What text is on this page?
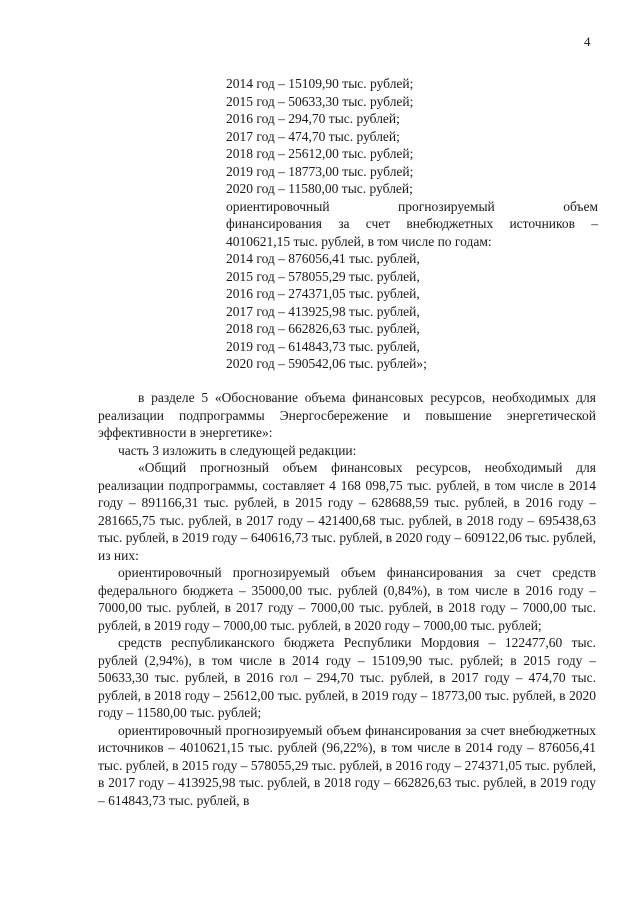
4
2014 год – 15109,90 тыс. рублей;
2015 год – 50633,30 тыс. рублей;
2016 год – 294,70 тыс. рублей;
2017 год – 474,70 тыс. рублей;
2018 год – 25612,00 тыс. рублей;
2019 год – 18773,00 тыс. рублей;
2020 год – 11580,00 тыс. рублей;
ориентировочный прогнозируемый объем
финансирования за счет внебюджетных источников –
4010621,15 тыс. рублей, в том числе по годам:
2014 год – 876056,41 тыс. рублей,
2015 год – 578055,29 тыс. рублей,
2016 год – 274371,05 тыс. рублей,
2017 год – 413925,98 тыс. рублей,
2018 год – 662826,63 тыс. рублей,
2019 год – 614843,73 тыс. рублей,
2020 год – 590542,06 тыс. рублей»;

в разделе 5 «Обоснование объема финансовых ресурсов, необходимых для реализации подпрограммы Энергосбережение и повышение энергетической эффективности в энергетике»:

часть 3 изложить в следующей редакции:

«Общий прогнозный объем финансовых ресурсов, необходимый для реализации подпрограммы, составляет 4 168 098,75 тыс. рублей, в том числе в 2014 году – 891166,31 тыс. рублей, в 2015 году – 628688,59 тыс. рублей, в 2016 году – 281665,75 тыс. рублей, в 2017 году – 421400,68 тыс. рублей, в 2018 году – 695438,63 тыс. рублей, в 2019 году – 640616,73 тыс. рублей, в 2020 году – 609122,06 тыс. рублей, из них:

ориентировочный прогнозируемый объем финансирования за счет средств федерального бюджета – 35000,00 тыс. рублей (0,84%), в том числе в 2016 году – 7000,00 тыс. рублей, в 2017 году – 7000,00 тыс. рублей, в 2018 году – 7000,00 тыс. рублей, в 2019 году – 7000,00 тыс. рублей, в 2020 году – 7000,00 тыс. рублей;

средств республиканского бюджета Республики Мордовия – 122477,60 тыс. рублей (2,94%), в том числе в 2014 году – 15109,90 тыс. рублей; в 2015 году – 50633,30 тыс. рублей, в 2016 гол – 294,70 тыс. рублей, в 2017 году – 474,70 тыс. рублей, в 2018 году – 25612,00 тыс. рублей, в 2019 году – 18773,00 тыс. рублей, в 2020 году – 11580,00 тыс. рублей;

ориентировочный прогнозируемый объем финансирования за счет внебюджетных источников – 4010621,15 тыс. рублей (96,22%), в том числе в 2014 году – 876056,41 тыс. рублей, в 2015 году – 578055,29 тыс. рублей, в 2016 году – 274371,05 тыс. рублей, в 2017 году – 413925,98 тыс. рублей, в 2018 году – 662826,63 тыс. рублей, в 2019 году – 614843,73 тыс. рублей, в
